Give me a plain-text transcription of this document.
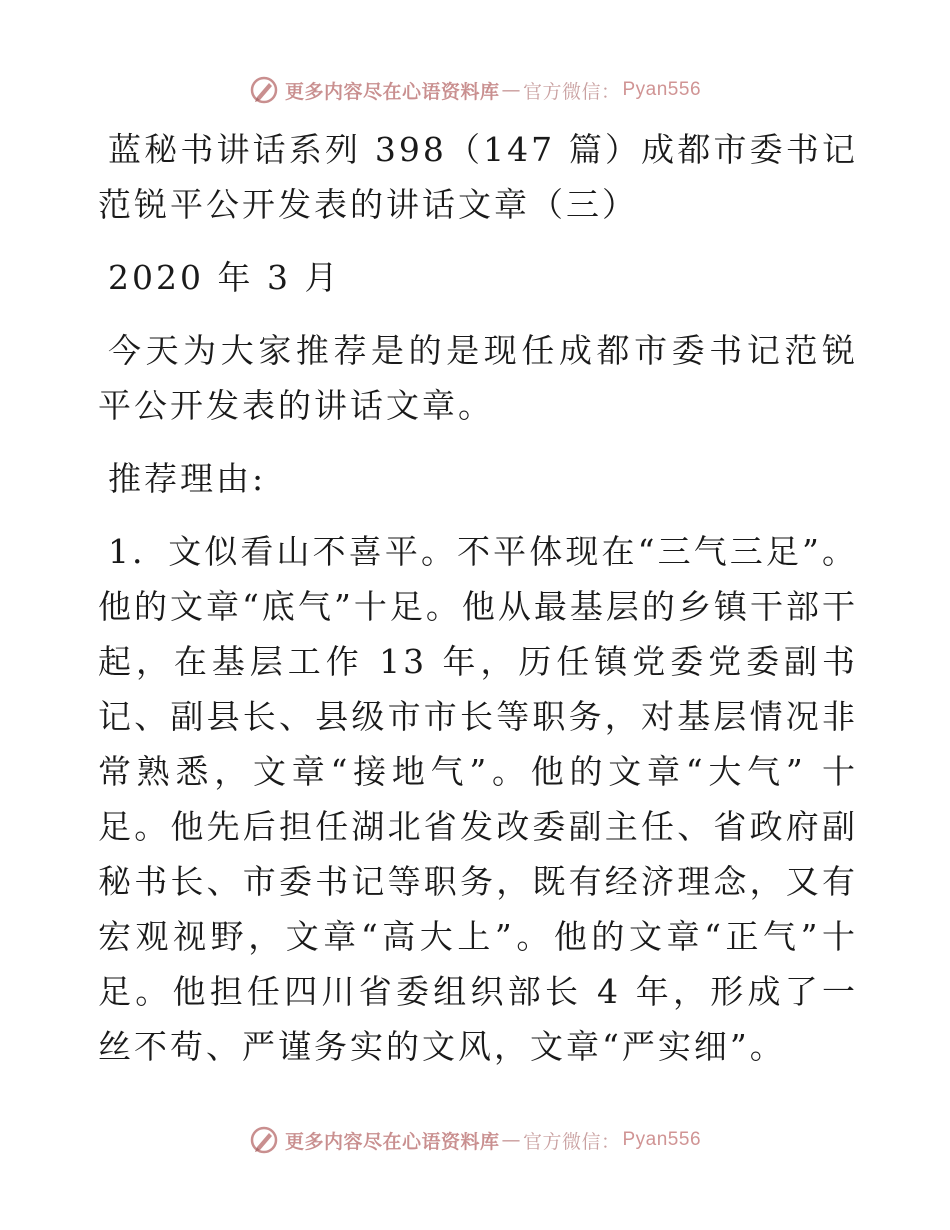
更多内容尽在心语资料库 — 官方微信： Pyan556

蓝秘书讲话系列 398（147 篇）成都市委书记范锐平公开发表的讲话文章（三）

2020 年 3 月

今天为大家推荐是的是现任成都市委书记范锐平公开发表的讲话文章。

推荐理由:

1．文似看山不喜平。不平体现在“三气三足”。他的文章“底气”十足。他从最基层的乡镇干部干起，在基层工作 13 年，历任镇党委党委副书记、副县长、县级市市长等职务，对基层情况非常熟悉，文章“接地气”。他的文章“大气” 十足。他先后担任湖北省发改委副主任、省政府副秘书长、市委书记等职务，既有经济理念，又有宏观视野，文章“高大上”。他的文章“正气”十足。他担任四川省委组织部长 4 年，形成了一丝不苟、严谨务实的文风，文章“严实细”。

更多内容尽在心语资料库 — 官方微信： Pyan556
